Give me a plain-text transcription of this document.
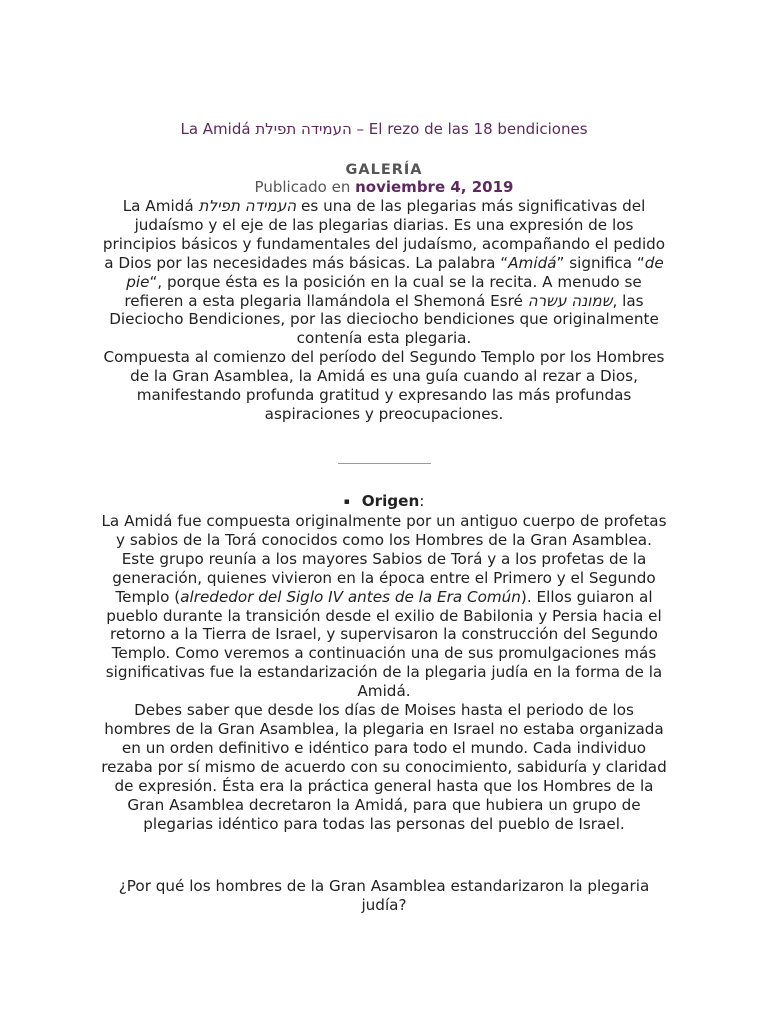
La Amidá העמידה תפילת – El rezo de las 18 bendiciones
GALERÍA
Publicado en noviembre 4, 2019

La Amidá העמידה תפילת es una de las plegarias más significativas del judaísmo y el eje de las plegarias diarias. Es una expresión de los principios básicos y fundamentales del judaísmo, acompañando el pedido a Dios por las necesidades más básicas. La palabra “Amidá” significa “de pie“, porque ésta es la posición en la cual se la recita. A menudo se refieren a esta plegaria llamándola el Shemoná Esré שמונה עשרה, las Dieciocho Bendiciones, por las dieciocho bendiciones que originalmente contenía esta plegaria.

Compuesta al comienzo del período del Segundo Templo por los Hombres de la Gran Asamblea, la Amidá es una guía cuando al rezar a Dios, manifestando profunda gratitud y expresando las más profundas aspiraciones y preocupaciones.

▪ Origen:

La Amidá fue compuesta originalmente por un antiguo cuerpo de profetas y sabios de la Torá conocidos como los Hombres de la Gran Asamblea. Este grupo reunía a los mayores Sabios de Torá y a los profetas de la generación, quienes vivieron en la época entre el Primero y el Segundo Templo (alrededor del Siglo IV antes de la Era Común). Ellos guiaron al pueblo durante la transición desde el exilio de Babilonia y Persia hacia el retorno a la Tierra de Israel, y supervisaron la construcción del Segundo Templo. Como veremos a continuación una de sus promulgaciones más significativas fue la estandarización de la plegaria judía en la forma de la Amidá.

Debes saber que desde los días de Moises hasta el periodo de los hombres de la Gran Asamblea, la plegaria en Israel no estaba organizada en un orden definitivo e idéntico para todo el mundo. Cada individuo rezaba por sí mismo de acuerdo con su conocimiento, sabiduría y claridad de expresión. Ésta era la práctica general hasta que los Hombres de la Gran Asamblea decretaron la Amidá, para que hubiera un grupo de plegarias idéntico para todas las personas del pueblo de Israel.

¿Por qué los hombres de la Gran Asamblea estandarizaron la plegaria judía?
